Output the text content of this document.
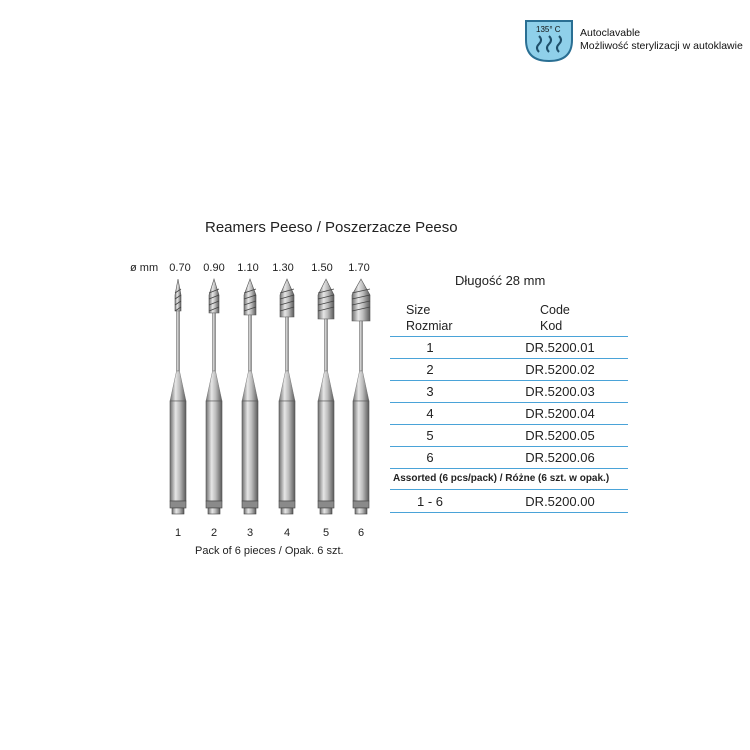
135° C Autoclavable
Możliwość sterylizacji w autoklawie
Reamers Peeso / Poszerzacze Peeso
ø mm	0.70	0.90	1.10	1.30	1.50	1.70
1	2	3	4	5	6
Pack of 6 pieces / Opak. 6 szt.
Długość 28 mm
Size
Rozmiar
Code
Kod
1	DR.5200.01
2	DR.5200.02
3	DR.5200.03
4	DR.5200.04
5	DR.5200.05
6	DR.5200.06
Assorted (6 pcs/pack) / Różne (6 szt. w opak.)
1 - 6	DR.5200.00
